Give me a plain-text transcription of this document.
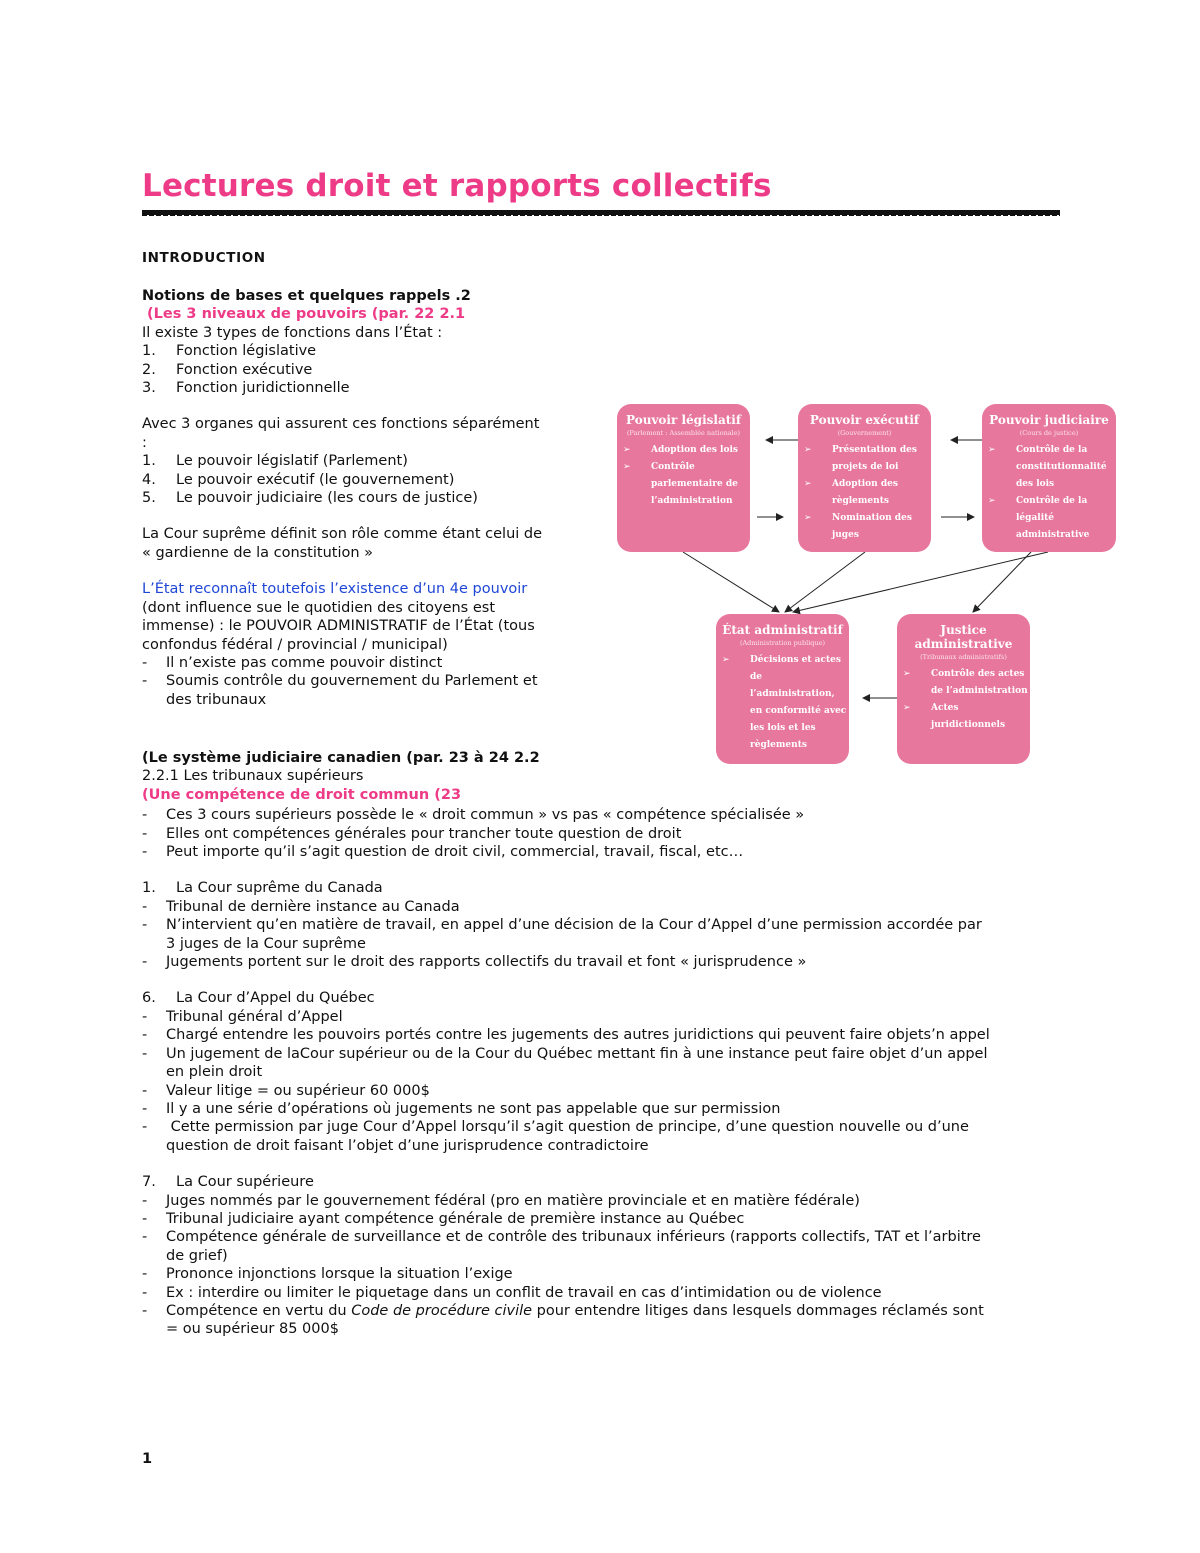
Lectures droit et rapports collectifs
INTRODUCTION
Notions de bases et quelques rappels .2
(Les 3 niveaux de pouvoirs (par. 22 2.1
Il existe 3 types de fonctions dans l’État :
1.	Fonction législative
2.	Fonction exécutive
3.	Fonction juridictionnelle
Avec 3 organes qui assurent ces fonctions séparément
:
1.	Le pouvoir législatif (Parlement)
4.	Le pouvoir exécutif (le gouvernement)
5.	Le pouvoir judiciaire (les cours de justice)
La Cour suprême définit son rôle comme étant celui de
« gardienne de la constitution »
L’État reconnaît toutefois l’existence d’un 4e pouvoir
(dont influence sue le quotidien des citoyens est
immense) : le POUVOIR ADMINISTRATIF de l’État (tous
confondus fédéral / provincial / municipal)
-	Il n’existe pas comme pouvoir distinct
-	Soumis contrôle du gouvernement du Parlement et
des tribunaux
(Le système judiciaire canadien (par. 23 à 24 2.2
2.2.1 Les tribunaux supérieurs
(Une compétence de droit commun (23
-	Ces 3 cours supérieurs possède le « droit commun » vs pas « compétence spécialisée »
-	Elles ont compétences générales pour trancher toute question de droit
-	Peut importe qu’il s’agit question de droit civil, commercial, travail, fiscal, etc…
1.	La Cour suprême du Canada
-	Tribunal de dernière instance au Canada
-	N’intervient qu’en matière de travail, en appel d’une décision de la Cour d’Appel d’une permission accordée par
3 juges de la Cour suprême
-	Jugements portent sur le droit des rapports collectifs du travail et font « jurisprudence »
6.	La Cour d’Appel du Québec
-	Tribunal général d’Appel
-	Chargé entendre les pouvoirs portés contre les jugements des autres juridictions qui peuvent faire objets’n appel
-	Un jugement de laCour supérieur ou de la Cour du Québec mettant fin à une instance peut faire objet d’un appel
en plein droit
-	Valeur litige = ou supérieur 60 000$
-	Il y a une série d’opérations où jugements ne sont pas appelable que sur permission
-	Cette permission par juge Cour d’Appel lorsqu’il s’agit question de principe, d’une question nouvelle ou d’une
question de droit faisant l’objet d’une jurisprudence contradictoire
7.	La Cour supérieure
-	Juges nommés par le gouvernement fédéral (pro en matière provinciale et en matière fédérale)
-	Tribunal judiciaire ayant compétence générale de première instance au Québec
-	Compétence générale de surveillance et de contrôle des tribunaux inférieurs (rapports collectifs, TAT et l’arbitre
de grief)
-	Prononce injonctions lorsque la situation l’exige
-	Ex : interdire ou limiter le piquetage dans un conflit de travail en cas d’intimidation ou de violence
-	Compétence en vertu du Code de procédure civile pour entendre litiges dans lesquels dommages réclamés sont
= ou supérieur 85 000$
Pouvoir législatif
(Parlement : Assemblée nationale)
➢ Adoption des lois
➢ Contrôle
parlementaire de
l’administration
Pouvoir exécutif
(Gouvernement)
➢ Présentation des
projets de loi
➢ Adoption des
règlements
➢ Nomination des
juges
Pouvoir judiciaire
(Cours de justice)
➢ Contrôle de la
constitutionnalité
des lois
➢ Contrôle de la
légalité
administrative
État administratif
(Administration publique)
➢ Décisions et actes
de
l’administration,
en conformité avec
les lois et les
règlements
Justice
administrative
(Tribunaux administratifs)
➢ Contrôle des actes
de l’administration
➢ Actes
juridictionnels
1
